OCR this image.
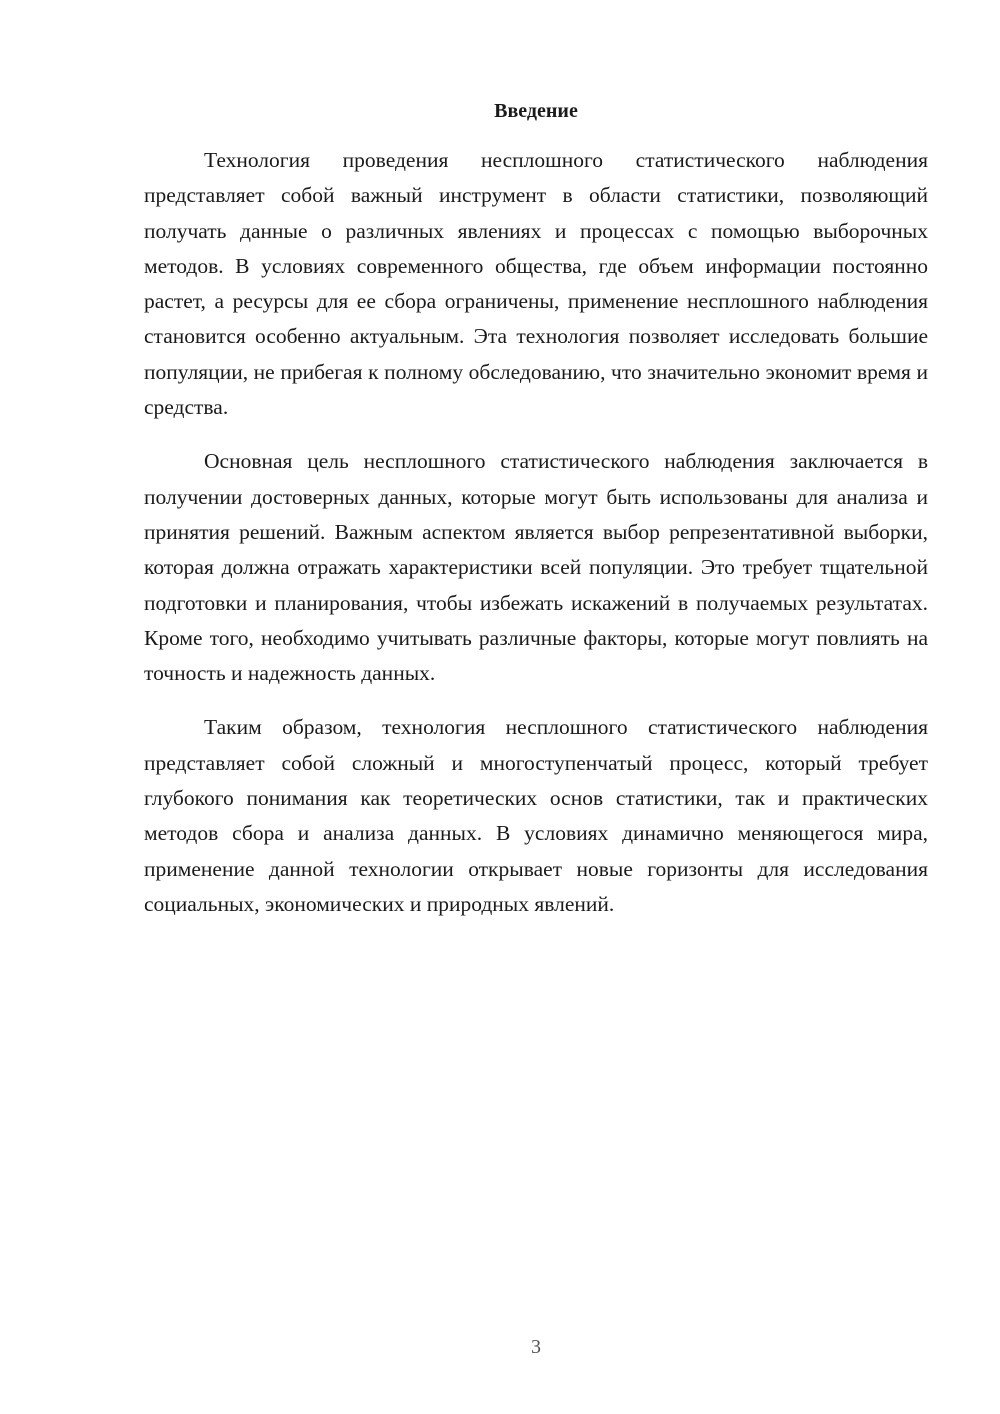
Введение

Технология проведения несплошного статистического наблюдения представляет собой важный инструмент в области статистики, позволяющий получать данные о различных явлениях и процессах с помощью выборочных методов. В условиях современного общества, где объем информации постоянно растет, а ресурсы для ее сбора ограничены, применение несплошного наблюдения становится особенно актуальным. Эта технология позволяет исследовать большие популяции, не прибегая к полному обследованию, что значительно экономит время и средства.

Основная цель несплошного статистического наблюдения заключается в получении достоверных данных, которые могут быть использованы для анализа и принятия решений. Важным аспектом является выбор репрезентативной выборки, которая должна отражать характеристики всей популяции. Это требует тщательной подготовки и планирования, чтобы избежать искажений в получаемых результатах. Кроме того, необходимо учитывать различные факторы, которые могут повлиять на точность и надежность данных.

Таким образом, технология несплошного статистического наблюдения представляет собой сложный и многоступенчатый процесс, который требует глубокого понимания как теоретических основ статистики, так и практических методов сбора и анализа данных. В условиях динамично меняющегося мира, применение данной технологии открывает новые горизонты для исследования социальных, экономических и природных явлений.

3
